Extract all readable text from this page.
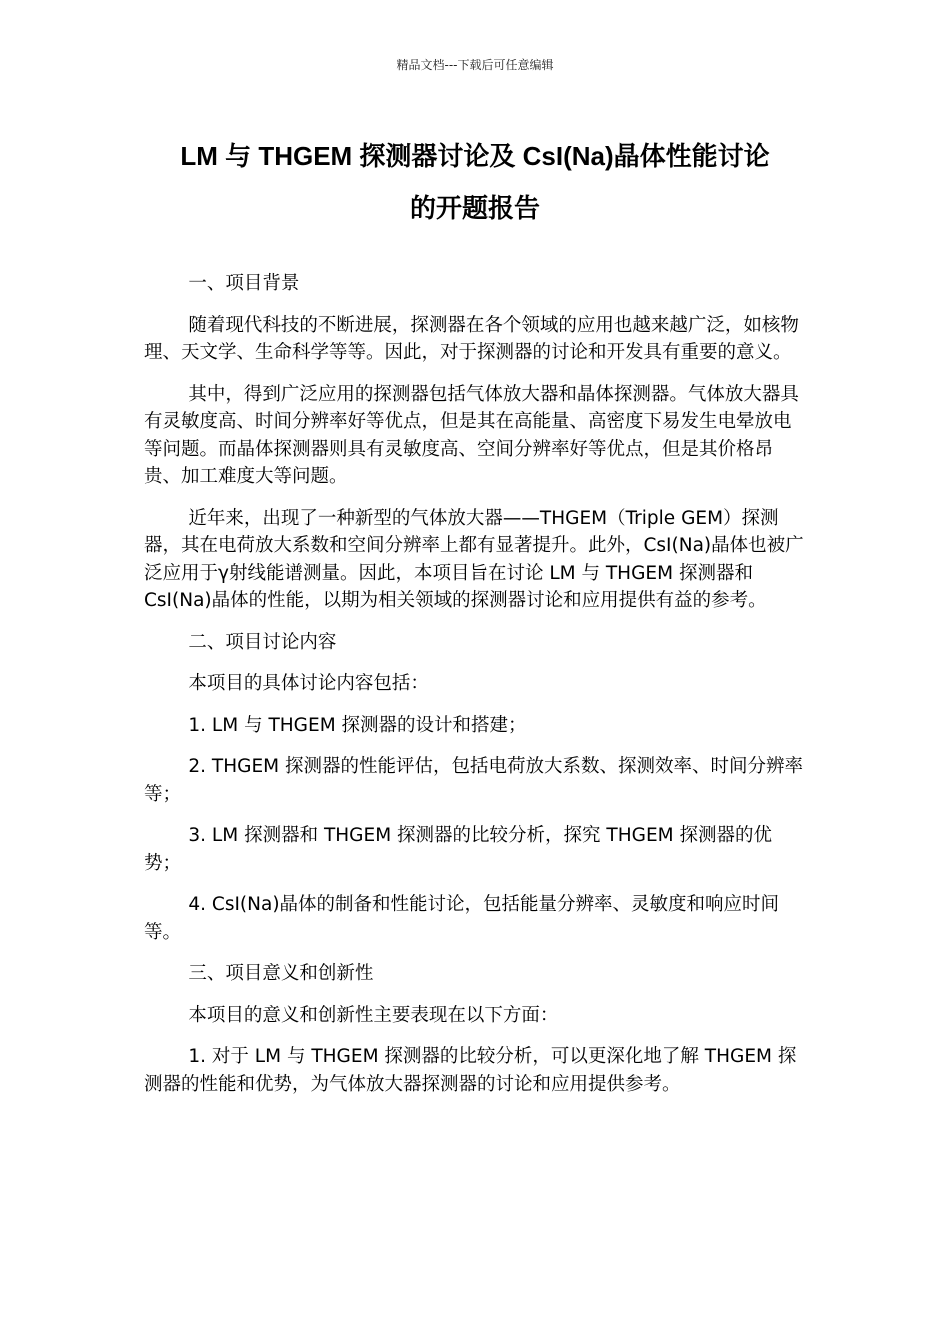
精品文档---下载后可任意编辑
LM 与 THGEM 探测器讨论及 CsI(Na)晶体性能讨论
的开题报告

一、项目背景

随着现代科技的不断进展，探测器在各个领域的应用也越来越广泛，如核物理、天文学、生命科学等等。因此，对于探测器的讨论和开发具有重要的意义。

其中，得到广泛应用的探测器包括气体放大器和晶体探测器。气体放大器具有灵敏度高、时间分辨率好等优点，但是其在高能量、高密度下易发生电晕放电等问题。而晶体探测器则具有灵敏度高、空间分辨率好等优点，但是其价格昂贵、加工难度大等问题。

近年来，出现了一种新型的气体放大器——THGEM（Triple GEM）探测器，其在电荷放大系数和空间分辨率上都有显著提升。此外，CsI(Na)晶体也被广泛应用于γ射线能谱测量。因此，本项目旨在讨论 LM 与 THGEM 探测器和 CsI(Na)晶体的性能，以期为相关领域的探测器讨论和应用提供有益的参考。

二、项目讨论内容

本项目的具体讨论内容包括：

1. LM 与 THGEM 探测器的设计和搭建；

2. THGEM 探测器的性能评估，包括电荷放大系数、探测效率、时间分辨率等；

3. LM 探测器和 THGEM 探测器的比较分析，探究 THGEM 探测器的优势；

4. CsI(Na)晶体的制备和性能讨论，包括能量分辨率、灵敏度和响应时间等。

三、项目意义和创新性

本项目的意义和创新性主要表现在以下方面：

1. 对于 LM 与 THGEM 探测器的比较分析，可以更深化地了解 THGEM 探测器的性能和优势，为气体放大器探测器的讨论和应用提供参考。
